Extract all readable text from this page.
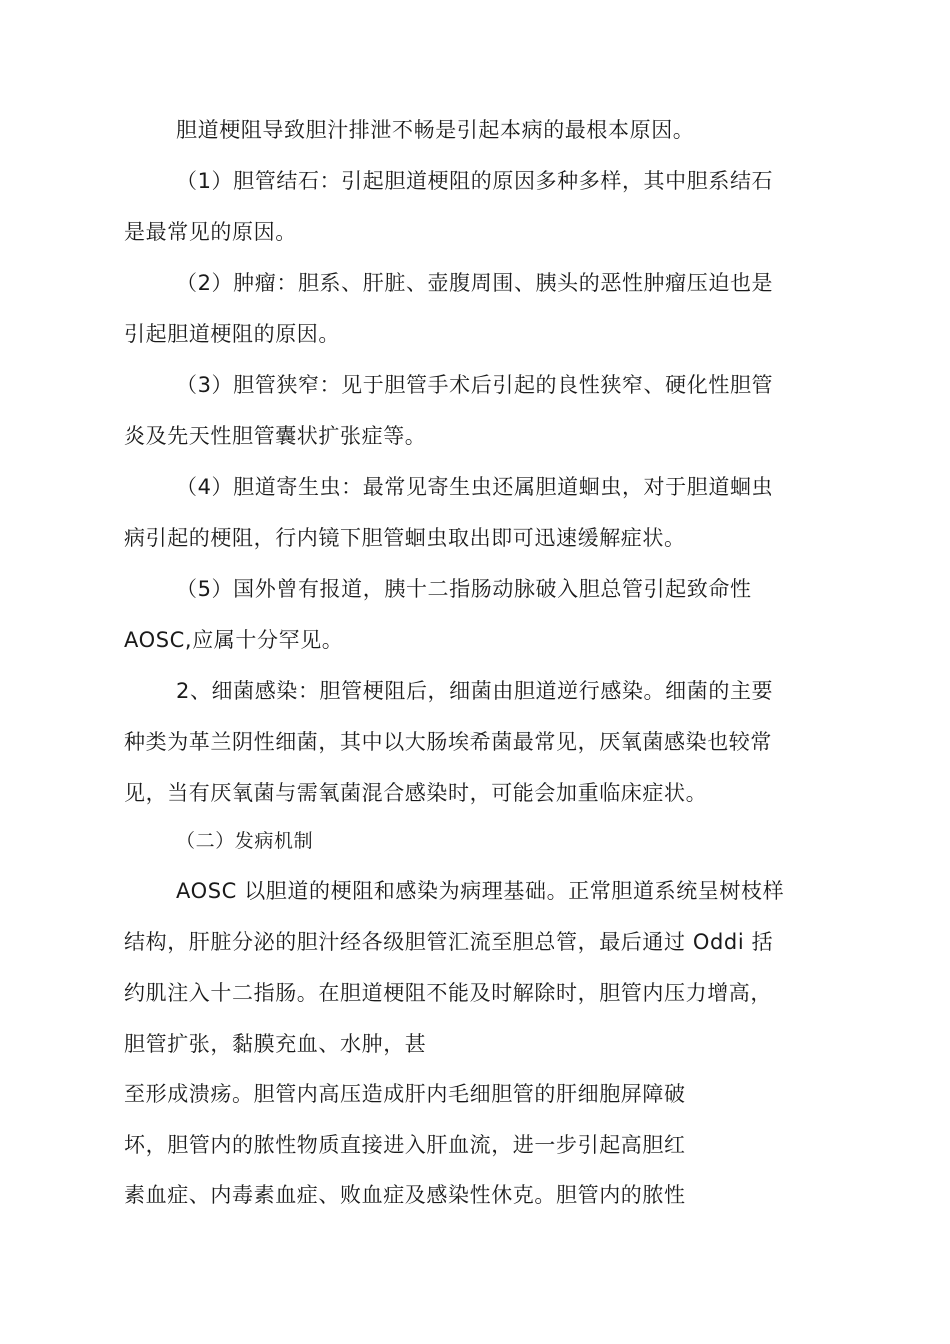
胆道梗阻导致胆汁排泄不畅是引起本病的最根本原因。
（1）胆管结石：引起胆道梗阻的原因多种多样，其中胆系结石
是最常见的原因。
（2）肿瘤：胆系、肝脏、壶腹周围、胰头的恶性肿瘤压迫也是
引起胆道梗阻的原因。
（3）胆管狭窄：见于胆管手术后引起的良性狭窄、硬化性胆管
炎及先天性胆管囊状扩张症等。
（4）胆道寄生虫：最常见寄生虫还属胆道蛔虫，对于胆道蛔虫
病引起的梗阻，行内镜下胆管蛔虫取出即可迅速缓解症状。
（5）国外曾有报道，胰十二指肠动脉破入胆总管引起致命性
AOSC,应属十分罕见。
2、细菌感染：胆管梗阻后，细菌由胆道逆行感染。细菌的主要
种类为革兰阴性细菌，其中以大肠埃希菌最常见，厌氧菌感染也较常
见，当有厌氧菌与需氧菌混合感染时，可能会加重临床症状。
（二）发病机制
AOSC 以胆道的梗阻和感染为病理基础。正常胆道系统呈树枝样
结构，肝脏分泌的胆汁经各级胆管汇流至胆总管，最后通过 Oddi 括
约肌注入十二指肠。在胆道梗阻不能及时解除时，胆管内压力增高，
胆管扩张，黏膜充血、水肿，甚
至形成溃疡。胆管内高压造成肝内毛细胆管的肝细胞屏障破
坏，胆管内的脓性物质直接进入肝血流，进一步引起高胆红
素血症、内毒素血症、败血症及感染性休克。胆管内的脓性
